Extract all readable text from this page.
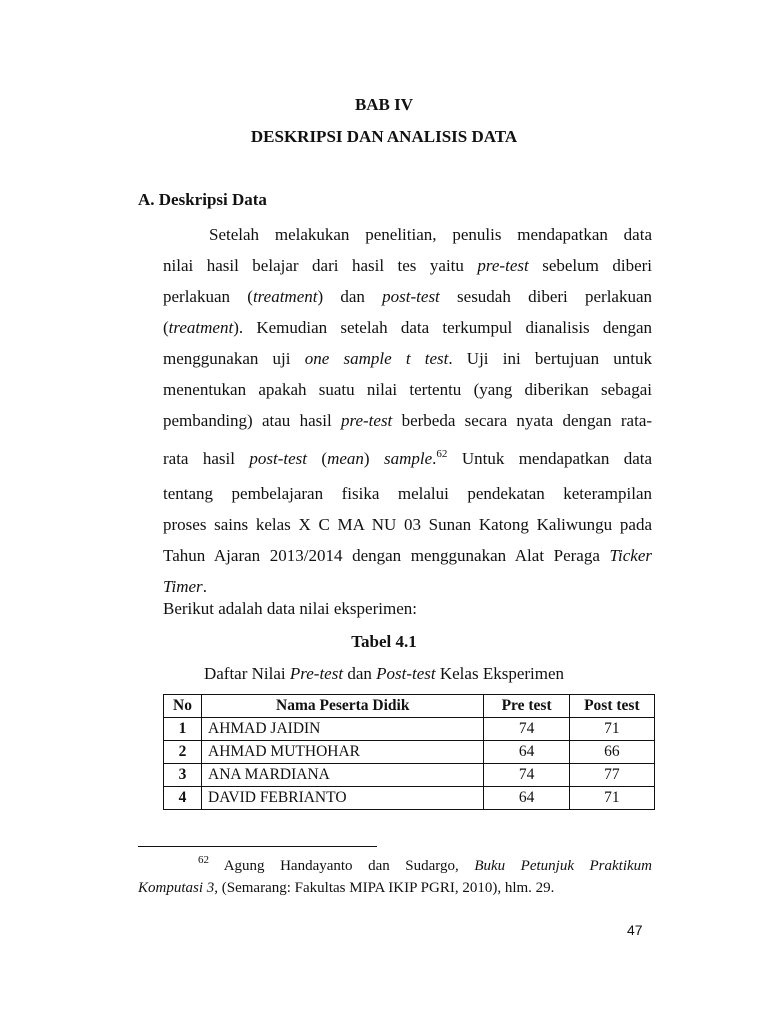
BAB IV
DESKRIPSI DAN ANALISIS DATA
A. Deskripsi Data
Setelah melakukan penelitian, penulis mendapatkan data
nilai hasil belajar dari hasil tes yaitu pre-test sebelum diberi
perlakuan (treatment) dan post-test sesudah diberi perlakuan
(treatment). Kemudian setelah data terkumpul dianalisis dengan
menggunakan uji one sample t test. Uji ini bertujuan untuk
menentukan apakah suatu nilai tertentu (yang diberikan sebagai
pembanding) atau hasil pre-test berbeda secara nyata dengan rata-
rata hasil post-test (mean) sample.$^{62}$ Untuk mendapatkan data
tentang pembelajaran fisika melalui pendekatan keterampilan
proses sains kelas X C MA NU 03 Sunan Katong Kaliwungu pada
Tahun Ajaran 2013/2014 dengan menggunakan Alat Peraga Ticker
Timer.
Berikut adalah data nilai eksperimen:
Tabel 4.1
Daftar Nilai Pre-test dan Post-test Kelas Eksperimen
No	Nama Peserta Didik	Pre test	Post test
1	AHMAD JAIDIN	74	71
2	AHMAD MUTHOHAR	64	66
3	ANA MARDIANA	74	77
4	DAVID FEBRIANTO	64	71
$^{62}$ Agung Handayanto dan Sudargo, Buku Petunjuk Praktikum
Komputasi 3, (Semarang: Fakultas MIPA IKIP PGRI, 2010), hlm. 29.
47
